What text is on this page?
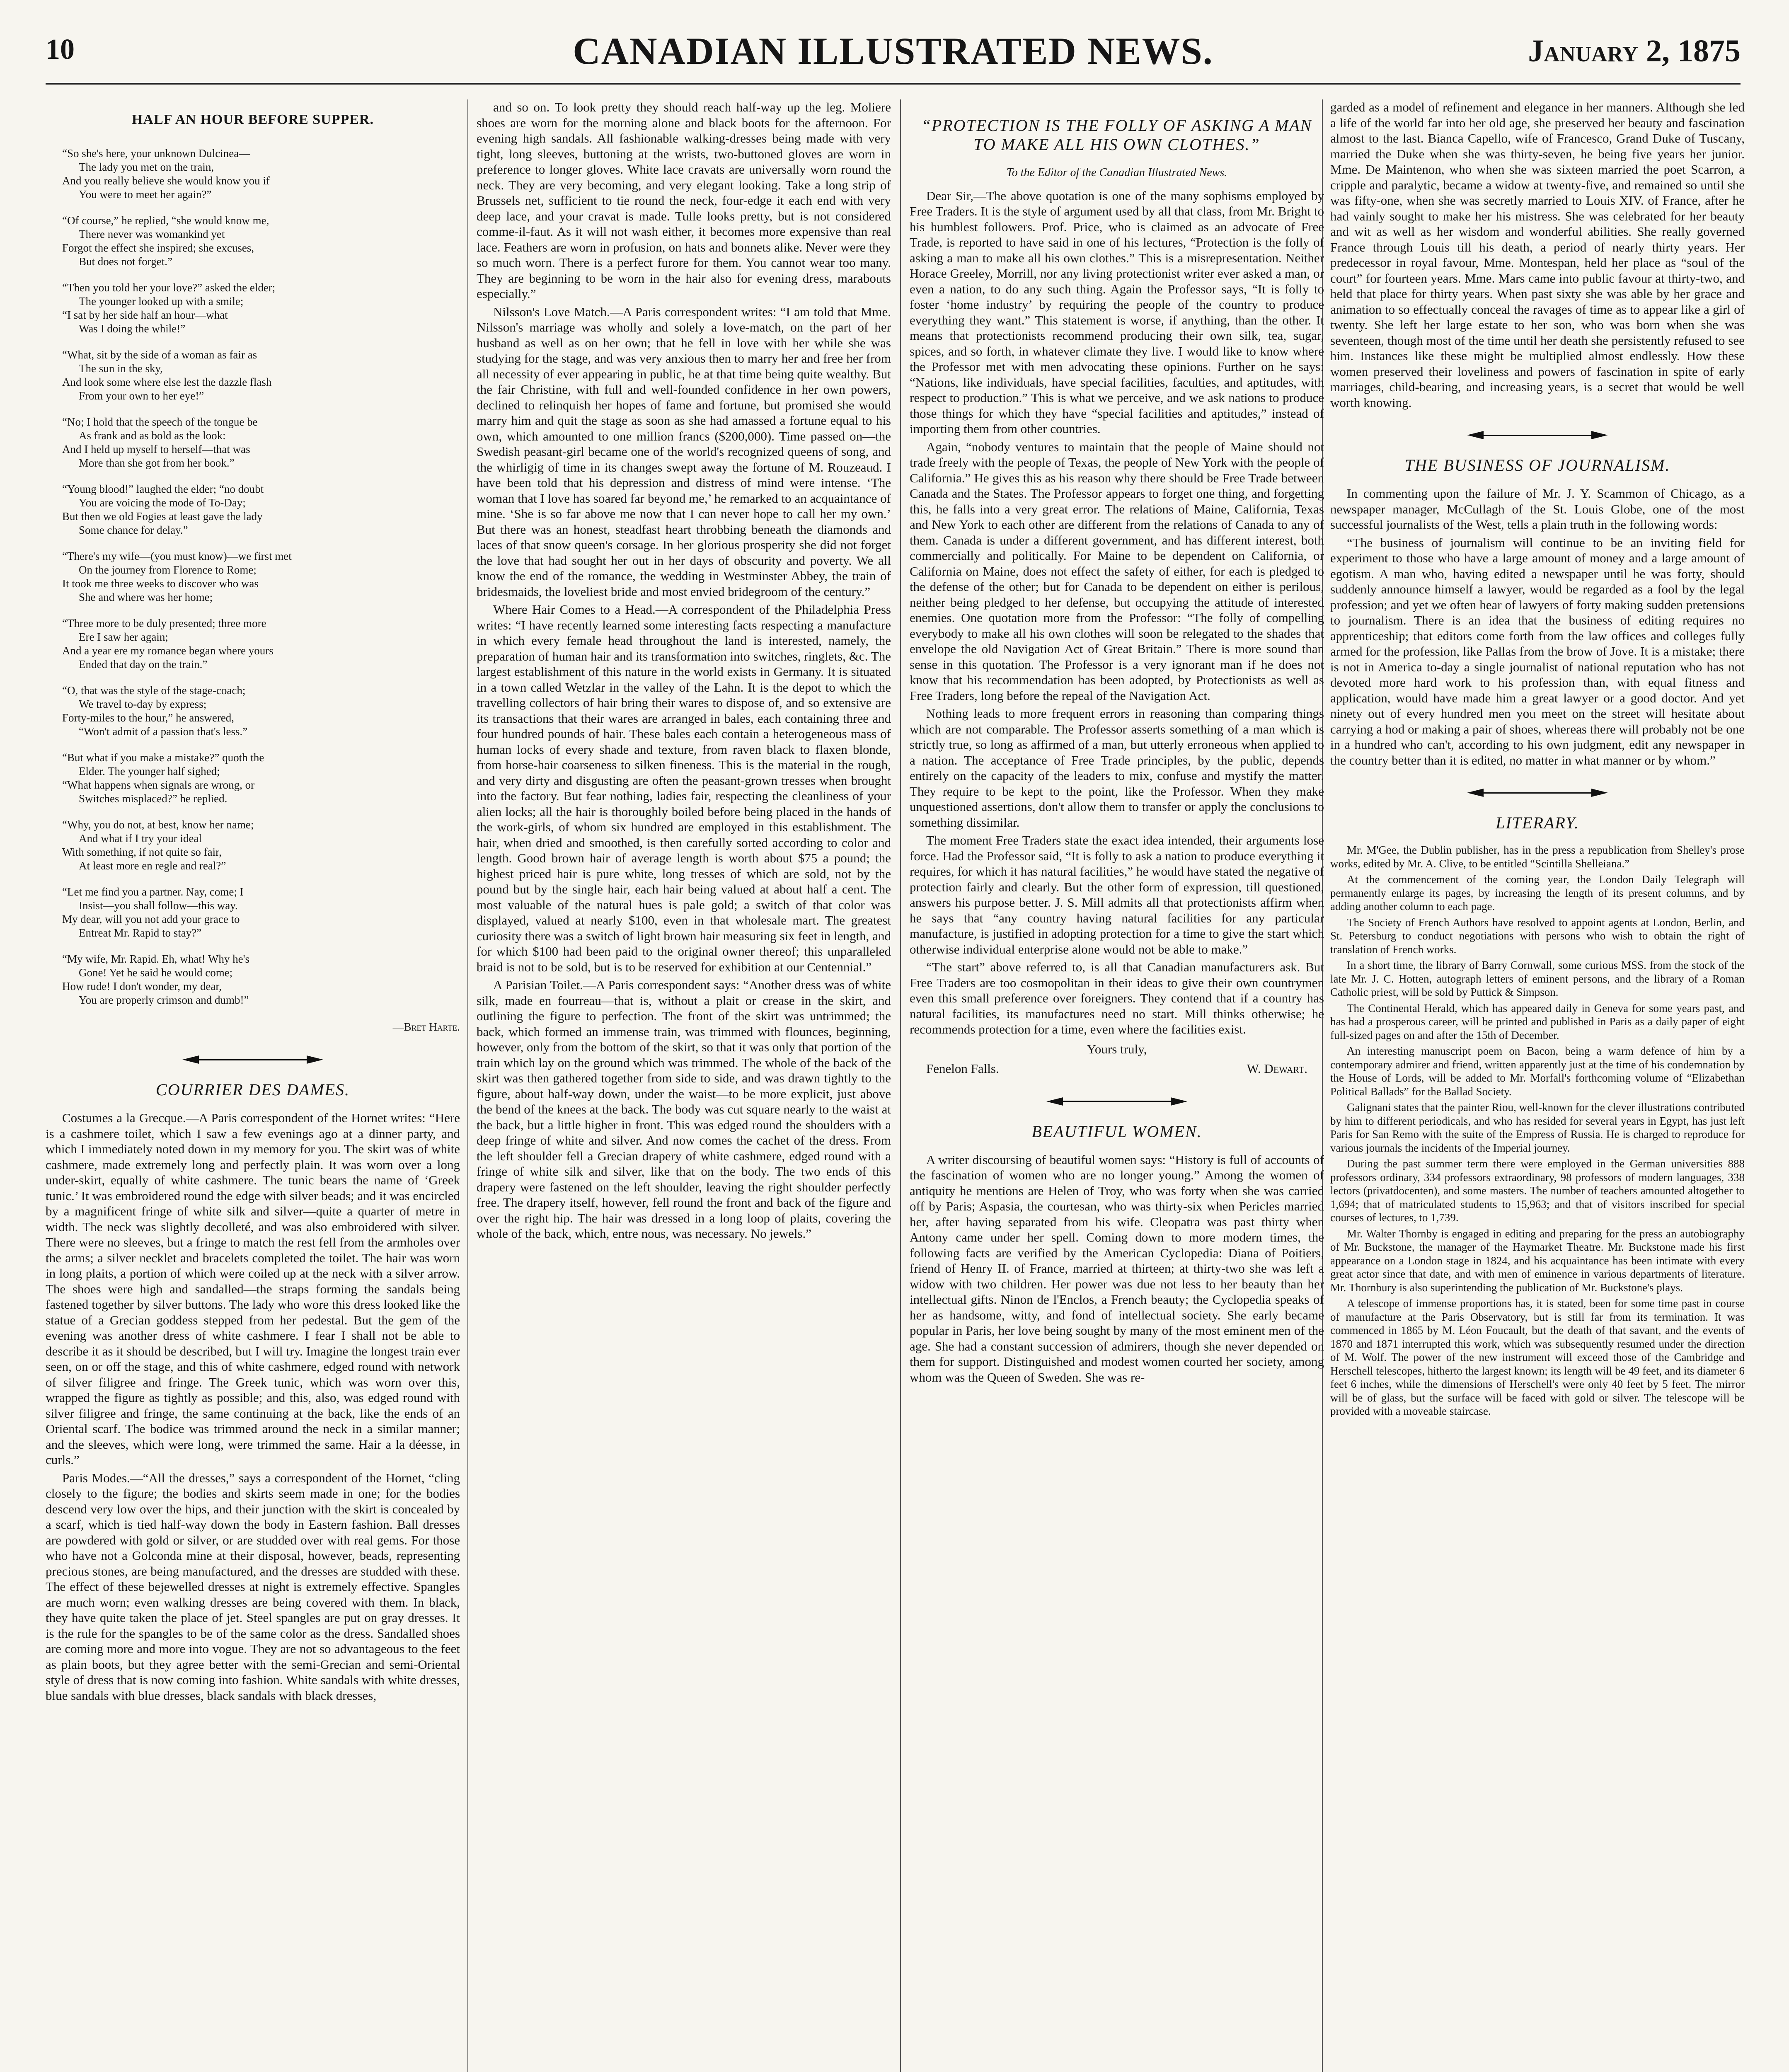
10	CANADIAN ILLUSTRATED NEWS.	January 2, 1875
HALF AN HOUR BEFORE SUPPER.
“So she's here, your unknown Dulcinea—
The lady you met on the train,
And you really believe she would know you if
You were to meet her again?”
“Of course,” he replied, “she would know me,
There never was womankind yet
Forgot the effect she inspired; she excuses,
But does not forget.”
“Then you told her your love?” asked the elder;
The younger looked up with a smile;
“I sat by her side half an hour—what
Was I doing the while!”
“What, sit by the side of a woman as fair as
The sun in the sky,
And look some where else lest the dazzle flash
From your own to her eye!”
“No; I hold that the speech of the tongue be
As frank and as bold as the look:
And I held up myself to herself—that was
More than she got from her book.”
“Young blood!” laughed the elder; “no doubt
You are voicing the mode of To-Day;
But then we old Fogies at least gave the lady
Some chance for delay.”
“There's my wife—(you must know)—we first met
On the journey from Florence to Rome;
It took me three weeks to discover who was
She and where was her home;
“Three more to be duly presented; three more
Ere I saw her again;
And a year ere my romance began where yours
Ended that day on the train.”
“O, that was the style of the stage-coach;
We travel to-day by express;
Forty-miles to the hour,” he answered,
“Won't admit of a passion that's less.”
“But what if you make a mistake?” quoth the
Elder. The younger half sighed;
“What happens when signals are wrong, or
Switches misplaced?” he replied.
“Why, you do not, at best, know her name;
And what if I try your ideal
With something, if not quite so fair,
At least more en regle and real?”
“Let me find you a partner. Nay, come; I
Insist—you shall follow—this way.
My dear, will you not add your grace to
Entreat Mr. Rapid to stay?”
“My wife, Mr. Rapid. Eh, what! Why he's
Gone! Yet he said he would come;
How rude! I don't wonder, my dear,
You are properly crimson and dumb!”
—Bret Harte.
COURRIER DES DAMES.

Costumes a la Grecque.—A Paris correspondent of the Hornet writes: “Here is a cashmere toilet, which I saw a few evenings ago at a dinner party, and which I immediately noted down in my memory for you. The skirt was of white cashmere, made extremely long and perfectly plain. It was worn over a long under-skirt, equally of white cashmere. The tunic bears the name of ‘Greek tunic.’ It was embroidered round the edge with silver beads; and it was encircled by a magnificent fringe of white silk and silver—quite a quarter of metre in width. The neck was slightly decolleté, and was also embroidered with silver. There were no sleeves, but a fringe to match the rest fell from the armholes over the arms; a silver necklet and bracelets completed the toilet. The hair was worn in long plaits, a portion of which were coiled up at the neck with a silver arrow. The shoes were high and sandalled—the straps forming the sandals being fastened together by silver buttons. The lady who wore this dress looked like the statue of a Grecian goddess stepped from her pedestal. But the gem of the evening was another dress of white cashmere. I fear I shall not be able to describe it as it should be described, but I will try. Imagine the longest train ever seen, on or off the stage, and this of white cashmere, edged round with network of silver filigree and fringe. The Greek tunic, which was worn over this, wrapped the figure as tightly as possible; and this, also, was edged round with silver filigree and fringe, the same continuing at the back, like the ends of an Oriental scarf. The bodice was trimmed around the neck in a similar manner; and the sleeves, which were long, were trimmed the same. Hair a la déesse, in curls.”

Paris Modes.—“All the dresses,” says a correspondent of the Hornet, “cling closely to the figure; the bodies and skirts seem made in one; for the bodies descend very low over the hips, and their junction with the skirt is concealed by a scarf, which is tied half-way down the body in Eastern fashion. Ball dresses are powdered with gold or silver, or are studded over with real gems. For those who have not a Golconda mine at their disposal, however, beads, representing precious stones, are being manufactured, and the dresses are studded with these. The effect of these bejewelled dresses at night is extremely effective. Spangles are much worn; even walking dresses are being covered with them. In black, they have quite taken the place of jet. Steel spangles are put on gray dresses. It is the rule for the spangles to be of the same color as the dress. Sandalled shoes are coming more and more into vogue. They are not so advantageous to the feet as plain boots, but they agree better with the semi-Grecian and semi-Oriental style of dress that is now coming into fashion. White sandals with white dresses, blue sandals with blue dresses, black sandals with black dresses,

and so on. To look pretty they should reach half-way up the leg. Moliere shoes are worn for the morning alone and black boots for the afternoon. For evening high sandals. All fashionable walking-dresses being made with very tight, long sleeves, buttoning at the wrists, two-buttoned gloves are worn in preference to longer gloves. White lace cravats are universally worn round the neck. They are very becoming, and very elegant looking. Take a long strip of Brussels net, sufficient to tie round the neck, four-edge it each end with very deep lace, and your cravat is made. Tulle looks pretty, but is not considered comme-il-faut. As it will not wash either, it becomes more expensive than real lace. Feathers are worn in profusion, on hats and bonnets alike. Never were they so much worn. There is a perfect furore for them. You cannot wear too many. They are beginning to be worn in the hair also for evening dress, marabouts especially.”

Nilsson's Love Match.—A Paris correspondent writes: “I am told that Mme. Nilsson's marriage was wholly and solely a love-match, on the part of her husband as well as on her own; that he fell in love with her while she was studying for the stage, and was very anxious then to marry her and free her from all necessity of ever appearing in public, he at that time being quite wealthy. But the fair Christine, with full and well-founded confidence in her own powers, declined to relinquish her hopes of fame and fortune, but promised she would marry him and quit the stage as soon as she had amassed a fortune equal to his own, which amounted to one million francs ($200,000). Time passed on—the Swedish peasant-girl became one of the world's recognized queens of song, and the whirligig of time in its changes swept away the fortune of M. Rouzeaud. I have been told that his depression and distress of mind were intense. ‘The woman that I love has soared far beyond me,’ he remarked to an acquaintance of mine. ‘She is so far above me now that I can never hope to call her my own.’ But there was an honest, steadfast heart throbbing beneath the diamonds and laces of that snow queen's corsage. In her glorious prosperity she did not forget the love that had sought her out in her days of obscurity and poverty. We all know the end of the romance, the wedding in Westminster Abbey, the train of bridesmaids, the loveliest bride and most envied bridegroom of the century.”

Where Hair Comes to a Head.—A correspondent of the Philadelphia Press writes: “I have recently learned some interesting facts respecting a manufacture in which every female head throughout the land is interested, namely, the preparation of human hair and its transformation into switches, ringlets, &c. The largest establishment of this nature in the world exists in Germany. It is situated in a town called Wetzlar in the valley of the Lahn. It is the depot to which the travelling collectors of hair bring their wares to dispose of, and so extensive are its transactions that their wares are arranged in bales, each containing three and four hundred pounds of hair. These bales each contain a heterogeneous mass of human locks of every shade and texture, from raven black to flaxen blonde, from horse-hair coarseness to silken fineness. This is the material in the rough, and very dirty and disgusting are often the peasant-grown tresses when brought into the factory. But fear nothing, ladies fair, respecting the cleanliness of your alien locks; all the hair is thoroughly boiled before being placed in the hands of the work-girls, of whom six hundred are employed in this establishment. The hair, when dried and smoothed, is then carefully sorted according to color and length. Good brown hair of average length is worth about $75 a pound; the highest priced hair is pure white, long tresses of which are sold, not by the pound but by the single hair, each hair being valued at about half a cent. The most valuable of the natural hues is pale gold; a switch of that color was displayed, valued at nearly $100, even in that wholesale mart. The greatest curiosity there was a switch of light brown hair measuring six feet in length, and for which $100 had been paid to the original owner thereof; this unparalleled braid is not to be sold, but is to be reserved for exhibition at our Centennial.”

A Parisian Toilet.—A Paris correspondent says: “Another dress was of white silk, made en fourreau—that is, without a plait or crease in the skirt, and outlining the figure to perfection. The front of the skirt was untrimmed; the back, which formed an immense train, was trimmed with flounces, beginning, however, only from the bottom of the skirt, so that it was only that portion of the train which lay on the ground which was trimmed. The whole of the back of the skirt was then gathered together from side to side, and was drawn tightly to the figure, about half-way down, under the waist—to be more explicit, just above the bend of the knees at the back. The body was cut square nearly to the waist at the back, but a little higher in front. This was edged round the shoulders with a deep fringe of white and silver. And now comes the cachet of the dress. From the left shoulder fell a Grecian drapery of white cashmere, edged round with a fringe of white silk and silver, like that on the body. The two ends of this drapery were fastened on the left shoulder, leaving the right shoulder perfectly free. The drapery itself, however, fell round the front and back of the figure and over the right hip. The hair was dressed in a long loop of plaits, covering the whole of the back, which, entre nous, was necessary. No jewels.”

“PROTECTION IS THE FOLLY OF ASKING A MAN TO MAKE ALL HIS OWN CLOTHES.”
To the Editor of the Canadian Illustrated News.

Dear Sir,—The above quotation is one of the many sophisms employed by Free Traders. It is the style of argument used by all that class, from Mr. Bright to his humblest followers. Prof. Price, who is claimed as an advocate of Free Trade, is reported to have said in one of his lectures, “Protection is the folly of asking a man to make all his own clothes.” This is a misrepresentation. Neither Horace Greeley, Morrill, nor any living protectionist writer ever asked a man, or even a nation, to do any such thing. Again the Professor says, “It is folly to foster ‘home industry’ by requiring the people of the country to produce everything they want.” This statement is worse, if anything, than the other. It means that protectionists recommend producing their own silk, tea, sugar, spices, and so forth, in whatever climate they live. I would like to know where the Professor met with men advocating these opinions. Further on he says: “Nations, like individuals, have special facilities, faculties, and aptitudes, with respect to production.” This is what we perceive, and we ask nations to produce those things for which they have “special facilities and aptitudes,” instead of importing them from other countries.

Again, “nobody ventures to maintain that the people of Maine should not trade freely with the people of Texas, the people of New York with the people of California.” He gives this as his reason why there should be Free Trade between Canada and the States. The Professor appears to forget one thing, and forgetting this, he falls into a very great error. The relations of Maine, California, Texas and New York to each other are different from the relations of Canada to any of them. Canada is under a different government, and has different interest, both commercially and politically. For Maine to be dependent on California, or California on Maine, does not effect the safety of either, for each is pledged to the defense of the other; but for Canada to be dependent on either is perilous, neither being pledged to her defense, but occupying the attitude of interested enemies. One quotation more from the Professor: “The folly of compelling everybody to make all his own clothes will soon be relegated to the shades that envelope the old Navigation Act of Great Britain.” There is more sound than sense in this quotation. The Professor is a very ignorant man if he does not know that his recommendation has been adopted, by Protectionists as well as Free Traders, long before the repeal of the Navigation Act.

Nothing leads to more frequent errors in reasoning than comparing things which are not comparable. The Professor asserts something of a man which is strictly true, so long as affirmed of a man, but utterly erroneous when applied to a nation. The acceptance of Free Trade principles, by the public, depends entirely on the capacity of the leaders to mix, confuse and mystify the matter. They require to be kept to the point, like the Professor. When they make unquestioned assertions, don't allow them to transfer or apply the conclusions to something dissimilar.

The moment Free Traders state the exact idea intended, their arguments lose force. Had the Professor said, “It is folly to ask a nation to produce everything it requires, for which it has natural facilities,” he would have stated the negative of protection fairly and clearly. But the other form of expression, till questioned, answers his purpose better. J. S. Mill admits all that protectionists affirm when he says that “any country having natural facilities for any particular manufacture, is justified in adopting protection for a time to give the start which otherwise individual enterprise alone would not be able to make.”

“The start” above referred to, is all that Canadian manufacturers ask. But Free Traders are too cosmopolitan in their ideas to give their own countrymen even this small preference over foreigners. They contend that if a country has natural facilities, its manufactures need no start. Mill thinks otherwise; he recommends protection for a time, even where the facilities exist.

Yours truly,
Fenelon Falls.	W. Dewart.
BEAUTIFUL WOMEN.

A writer discoursing of beautiful women says: “History is full of accounts of the fascination of women who are no longer young.” Among the women of antiquity he mentions are Helen of Troy, who was forty when she was carried off by Paris; Aspasia, the courtesan, who was thirty-six when Pericles married her, after having separated from his wife. Cleopatra was past thirty when Antony came under her spell. Coming down to more modern times, the following facts are verified by the American Cyclopedia: Diana of Poitiers, friend of Henry II. of France, married at thirteen; at thirty-two she was left a widow with two children. Her power was due not less to her beauty than her intellectual gifts. Ninon de l'Enclos, a French beauty; the Cyclopedia speaks of her as handsome, witty, and fond of intellectual society. She early became popular in Paris, her love being sought by many of the most eminent men of the age. She had a constant succession of admirers, though she never depended on them for support. Distinguished and modest women courted her society, among whom was the Queen of Sweden. She was re-

garded as a model of refinement and elegance in her manners. Although she led a life of the world far into her old age, she preserved her beauty and fascination almost to the last. Bianca Capello, wife of Francesco, Grand Duke of Tuscany, married the Duke when she was thirty-seven, he being five years her junior. Mme. De Maintenon, who when she was sixteen married the poet Scarron, a cripple and paralytic, became a widow at twenty-five, and remained so until she was fifty-one, when she was secretly married to Louis XIV. of France, after he had vainly sought to make her his mistress. She was celebrated for her beauty and wit as well as her wisdom and wonderful abilities. She really governed France through Louis till his death, a period of nearly thirty years. Her predecessor in royal favour, Mme. Montespan, held her place as “soul of the court” for fourteen years. Mme. Mars came into public favour at thirty-two, and held that place for thirty years. When past sixty she was able by her grace and animation to so effectually conceal the ravages of time as to appear like a girl of twenty. She left her large estate to her son, who was born when she was seventeen, though most of the time until her death she persistently refused to see him. Instances like these might be multiplied almost endlessly. How these women preserved their loveliness and powers of fascination in spite of early marriages, child-bearing, and increasing years, is a secret that would be well worth knowing.

THE BUSINESS OF JOURNALISM.

In commenting upon the failure of Mr. J. Y. Scammon of Chicago, as a newspaper manager, McCullagh of the St. Louis Globe, one of the most successful journalists of the West, tells a plain truth in the following words:

“The business of journalism will continue to be an inviting field for experiment to those who have a large amount of money and a large amount of egotism. A man who, having edited a newspaper until he was forty, should suddenly announce himself a lawyer, would be regarded as a fool by the legal profession; and yet we often hear of lawyers of forty making sudden pretensions to journalism. There is an idea that the business of editing requires no apprenticeship; that editors come forth from the law offices and colleges fully armed for the profession, like Pallas from the brow of Jove. It is a mistake; there is not in America to-day a single journalist of national reputation who has not devoted more hard work to his profession than, with equal fitness and application, would have made him a great lawyer or a good doctor. And yet ninety out of every hundred men you meet on the street will hesitate about carrying a hod or making a pair of shoes, whereas there will probably not be one in a hundred who can't, according to his own judgment, edit any newspaper in the country better than it is edited, no matter in what manner or by whom.”

LITERARY.

Mr. M'Gee, the Dublin publisher, has in the press a republication from Shelley's prose works, edited by Mr. A. Clive, to be entitled “Scintilla Shelleiana.”

At the commencement of the coming year, the London Daily Telegraph will permanently enlarge its pages, by increasing the length of its present columns, and by adding another column to each page.

The Society of French Authors have resolved to appoint agents at London, Berlin, and St. Petersburg to conduct negotiations with persons who wish to obtain the right of translation of French works.

In a short time, the library of Barry Cornwall, some curious MSS. from the stock of the late Mr. J. C. Hotten, autograph letters of eminent persons, and the library of a Roman Catholic priest, will be sold by Puttick & Simpson.

The Continental Herald, which has appeared daily in Geneva for some years past, and has had a prosperous career, will be printed and published in Paris as a daily paper of eight full-sized pages on and after the 15th of December.

An interesting manuscript poem on Bacon, being a warm defence of him by a contemporary admirer and friend, written apparently just at the time of his condemnation by the House of Lords, will be added to Mr. Morfall's forthcoming volume of “Elizabethan Political Ballads” for the Ballad Society.

Galignani states that the painter Riou, well-known for the clever illustrations contributed by him to different periodicals, and who has resided for several years in Egypt, has just left Paris for San Remo with the suite of the Empress of Russia. He is charged to reproduce for various journals the incidents of the Imperial journey.

During the past summer term there were employed in the German universities 888 professors ordinary, 334 professors extraordinary, 98 professors of modern languages, 338 lectors (privatdocenten), and some masters. The number of teachers amounted altogether to 1,694; that of matriculated students to 15,963; and that of visitors inscribed for special courses of lectures, to 1,739.

Mr. Walter Thornby is engaged in editing and preparing for the press an autobiography of Mr. Buckstone, the manager of the Haymarket Theatre. Mr. Buckstone made his first appearance on a London stage in 1824, and his acquaintance has been intimate with every great actor since that date, and with men of eminence in various departments of literature. Mr. Thornbury is also superintending the publication of Mr. Buckstone's plays.

A telescope of immense proportions has, it is stated, been for some time past in course of manufacture at the Paris Observatory, but is still far from its termination. It was commenced in 1865 by M. Léon Foucault, but the death of that savant, and the events of 1870 and 1871 interrupted this work, which was subsequently resumed under the direction of M. Wolf. The power of the new instrument will exceed those of the Cambridge and Herschell telescopes, hitherto the largest known; its length will be 49 feet, and its diameter 6 feet 6 inches, while the dimensions of Herschell's were only 40 feet by 5 feet. The mirror will be of glass, but the surface will be faced with gold or silver. The telescope will be provided with a moveable staircase.
